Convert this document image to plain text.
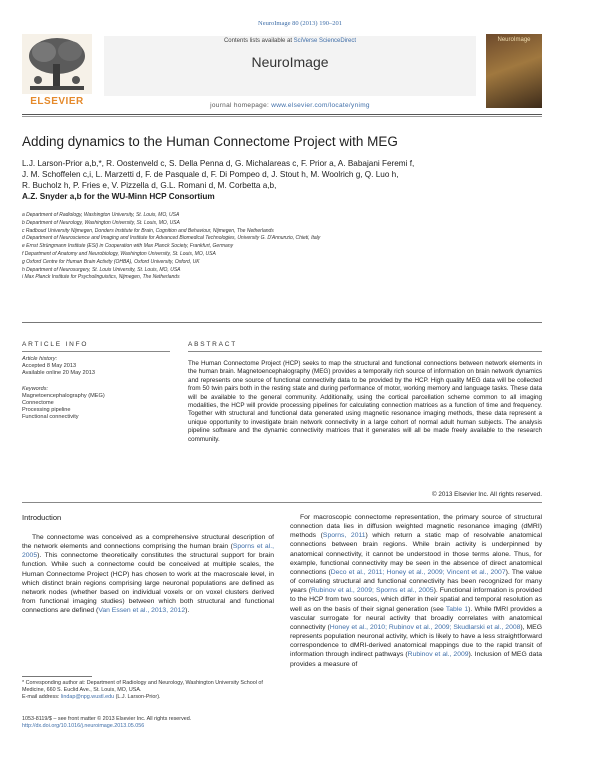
NeuroImage 80 (2013) 190–201
ELSEVIER
Contents lists available at SciVerse ScienceDirect
NeuroImage
journal homepage: www.elsevier.com/locate/ynimg
NeuroImage
Adding dynamics to the Human Connectome Project with MEG
L.J. Larson-Prior a,b,*, R. Oostenveld c, S. Della Penna d, G. Michalareas c, F. Prior a, A. Babajani Feremi f,
J. M. Schoffelen c,i, L. Marzetti d, F. de Pasquale d, F. Di Pompeo d, J. Stout h, M. Woolrich g, Q. Luo h,
R. Bucholz h, P. Fries e, V. Pizzella d, G.L. Romani d, M. Corbetta a,b,
A.Z. Snyder a,b for the WU-Minn HCP Consortium
a Department of Radiology, Washington University, St. Louis, MO, USA
b Department of Neurology, Washington University, St. Louis, MO, USA
c Radboud University Nijmegen, Donders Institute for Brain, Cognition and Behaviour, Nijmegen, The Netherlands
d Department of Neuroscience and Imaging and Institute for Advanced Biomedical Technologies, University G. D'Annunzio, Chieti, Italy
e Ernst Strüngmann Institute (ESI) in Cooperation with Max Planck Society, Frankfurt, Germany
f Department of Anatomy and Neurobiology, Washington University, St. Louis, MO, USA
g Oxford Centre for Human Brain Activity (OHBA), Oxford University, Oxford, UK
h Department of Neurosurgery, St. Louis University, St. Louis, MO, USA
i Max Planck Institute for Psycholinguistics, Nijmegen, The Netherlands
ARTICLE INFO	ABSTRACT
Article history:
Accepted 8 May 2013
Available online 20 May 2013
Keywords:
Magnetoencephalography (MEG)
Connectome
Processing pipeline
Functional connectivity
The Human Connectome Project (HCP) seeks to map the structural and functional connections between network elements in the human brain. Magnetoencephalography (MEG) provides a temporally rich source of information on brain network dynamics and represents one source of functional connectivity data to be provided by the HCP. High quality MEG data will be collected from 50 twin pairs both in the resting state and during performance of motor, working memory and language tasks. These data will be available to the general community. Additionally, using the cortical parcellation scheme common to all imaging modalities, the HCP will provide processing pipelines for calculating connection matrices as a function of time and frequency. Together with structural and functional data generated using magnetic resonance imaging methods, these data represent a unique opportunity to investigate brain network connectivity in a large cohort of normal adult human subjects. The analysis pipeline software and the dynamic connectivity matrices that it generates will all be made freely available to the research community.
© 2013 Elsevier Inc. All rights reserved.
Introduction
The connectome was conceived as a comprehensive structural description of the network elements and connections comprising the human brain (Sporns et al., 2005). This connectome theoretically constitutes the structural support for brain function. While such a connectome could be conceived at multiple scales, the Human Connectome Project (HCP) has chosen to work at the macroscale level, in which distinct brain regions comprising large neuronal populations are defined as network nodes (whether based on individual voxels or on voxel clusters derived from functional imaging studies) between which both structural and functional connections are defined (Van Essen et al., 2013, 2012).
For macroscopic connectome representation, the primary source of structural connection data lies in diffusion weighted magnetic resonance imaging (dMRI) methods (Sporns, 2011) which return a static map of resolvable anatomical connections between brain regions. While brain activity is underpinned by anatomical connectivity, it cannot be understood in those terms alone. Thus, for example, functional connectivity may be seen in the absence of direct anatomical connections (Deco et al., 2011; Honey et al., 2009; Vincent et al., 2007). The value of correlating structural and functional connectivity has been recognized for many years (Rubinov et al., 2009; Sporns et al., 2005). Functional information is provided to the HCP from two sources, which differ in their spatial and temporal resolution as well as on the basis of their signal generation (see Table 1). While fMRI provides a vascular surrogate for neural activity that broadly correlates with anatomical connectivity (Honey et al., 2010; Rubinov et al., 2009; Skudlarski et al., 2008), MEG represents population neuronal activity, which is likely to have a less straightforward correspondence to dMRI-derived anatomical mappings due to the rapid transit of information through indirect pathways (Rubinov et al., 2009). Inclusion of MEG data provides a measure of
* Corresponding author at: Department of Radiology and Neurology, Washington University School of Medicine, 660 S. Euclid Ave., St. Louis, MO, USA.
E-mail address: lindap@npg.wustl.edu (L.J. Larson-Prior).
1053-8119/$ – see front matter © 2013 Elsevier Inc. All rights reserved.
http://dx.doi.org/10.1016/j.neuroimage.2013.05.056
